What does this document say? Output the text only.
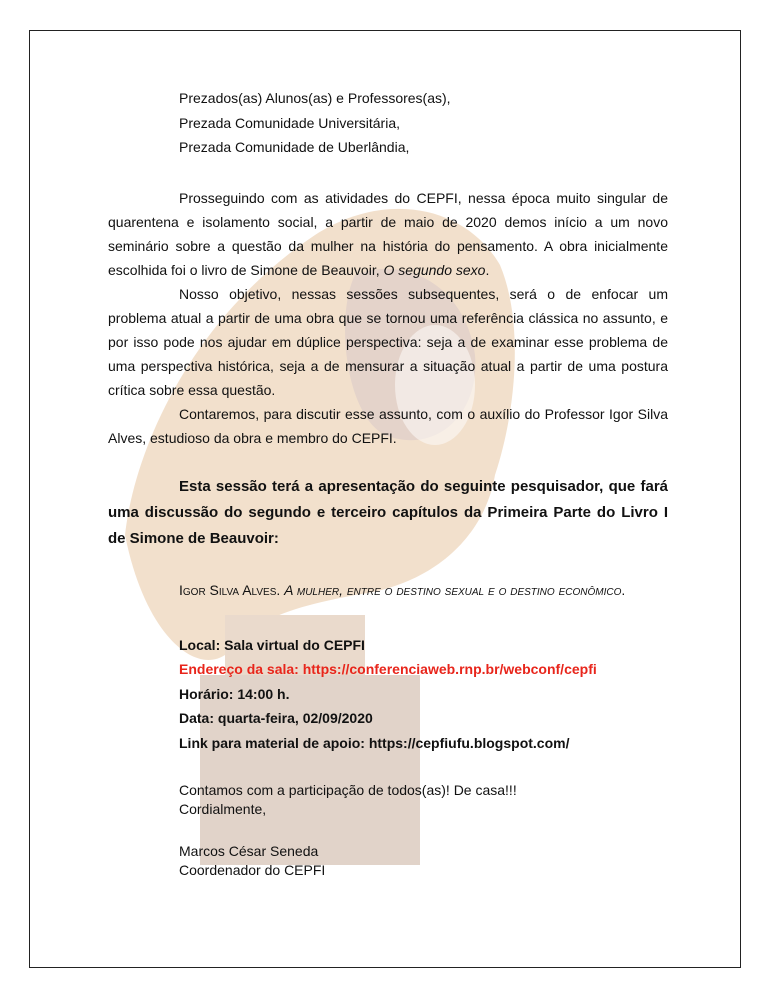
Prezados(as) Alunos(as) e Professores(as),

Prezada Comunidade Universitária,

Prezada Comunidade de Uberlândia,

Prosseguindo com as atividades do CEPFI, nessa época muito singular de quarentena e isolamento social, a partir de maio de 2020 demos início a um novo seminário sobre a questão da mulher na história do pensamento. A obra inicialmente escolhida foi o livro de Simone de Beauvoir, O segundo sexo.

Nosso objetivo, nessas sessões subsequentes, será o de enfocar um problema atual a partir de uma obra que se tornou uma referência clássica no assunto, e por isso pode nos ajudar em dúplice perspectiva: seja a de examinar esse problema de uma perspectiva histórica, seja a de mensurar a situação atual a partir de uma postura crítica sobre essa questão.

Contaremos, para discutir esse assunto, com o auxílio do Professor Igor Silva Alves, estudioso da obra e membro do CEPFI.

Esta sessão terá a apresentação do seguinte pesquisador, que fará uma discussão do segundo e terceiro capítulos da Primeira Parte do Livro I de Simone de Beauvoir:
Igor Silva Alves. A mulher, entre o destino sexual e o destino econômico.

Local: Sala virtual do CEPFI

Endereço da sala: https://conferenciaweb.rnp.br/webconf/cepfi

Horário: 14:00 h.

Data: quarta-feira, 02/09/2020

Link para material de apoio: https://cepfiufu.blogspot.com/

Contamos com a participação de todos(as)! De casa!!!

Cordialmente,

Marcos César Seneda

Coordenador do CEPFI
